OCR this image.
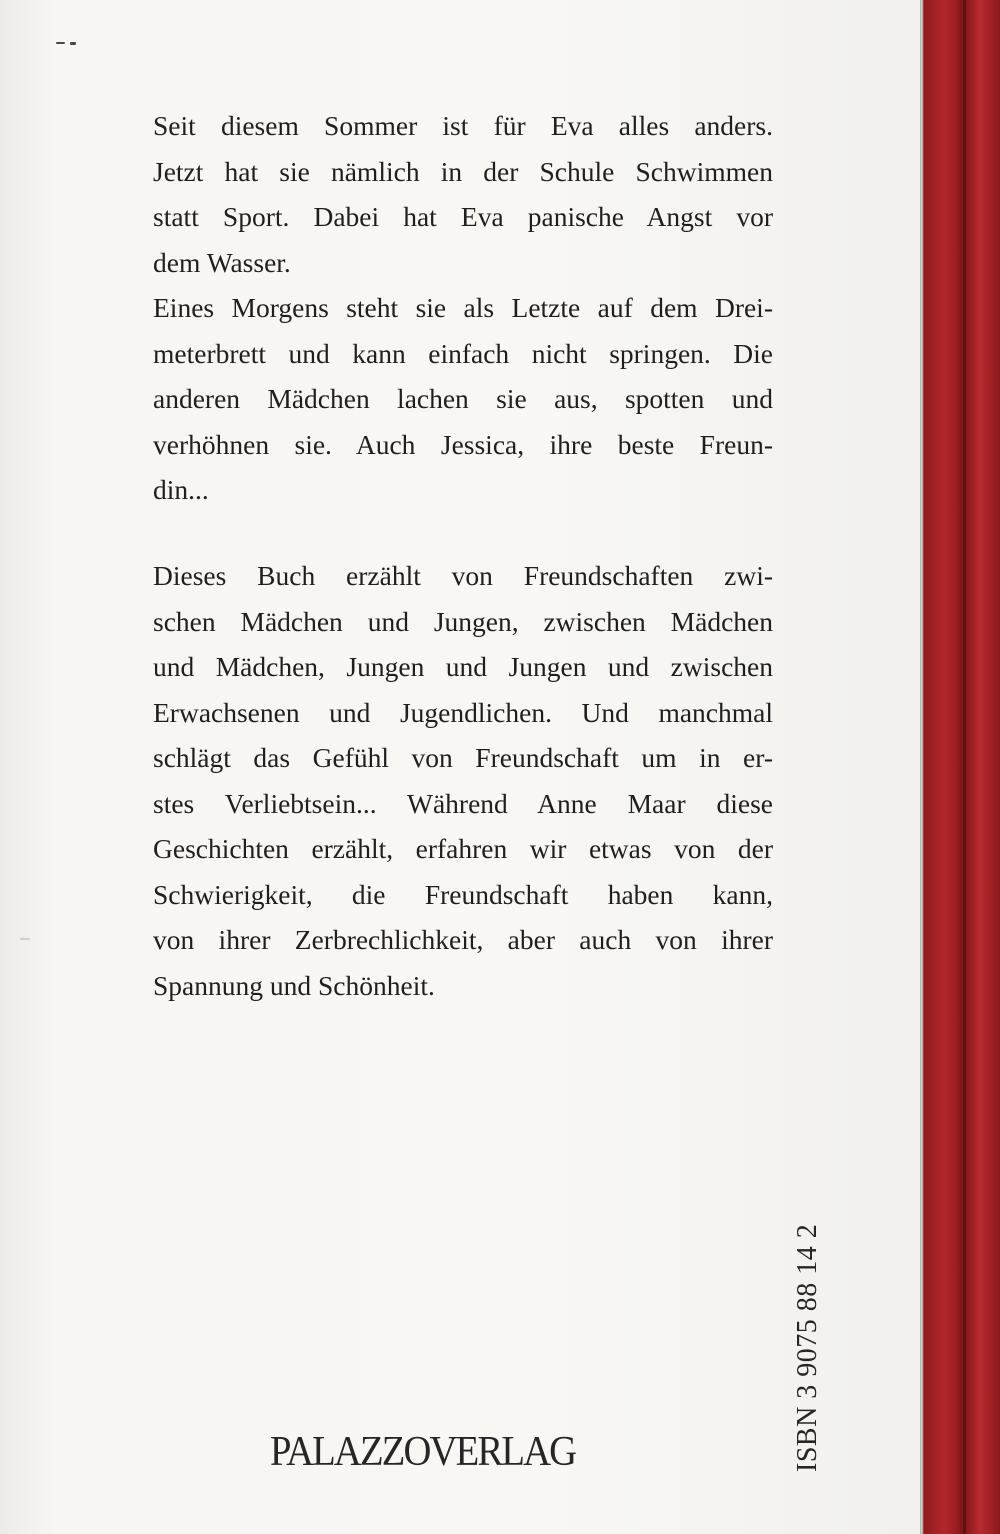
Seit diesem Sommer ist für Eva alles anders.
Jetzt hat sie nämlich in der Schule Schwimmen
statt Sport. Dabei hat Eva panische Angst vor
dem Wasser.
Eines Morgens steht sie als Letzte auf dem Drei-
meterbrett und kann einfach nicht springen. Die
anderen Mädchen lachen sie aus, spotten und
verhöhnen sie. Auch Jessica, ihre beste Freun-
din...

Dieses Buch erzählt von Freundschaften zwi-
schen Mädchen und Jungen, zwischen Mädchen
und Mädchen, Jungen und Jungen und zwischen
Erwachsenen und Jugendlichen. Und manchmal
schlägt das Gefühl von Freundschaft um in er-
stes Verliebtsein... Während Anne Maar diese
Geschichten erzählt, erfahren wir etwas von der
Schwierigkeit, die Freundschaft haben kann,
von ihrer Zerbrechlichkeit, aber auch von ihrer
Spannung und Schönheit.

PALAZZOVERLAG	ISBN 3 9075 88 14 2
